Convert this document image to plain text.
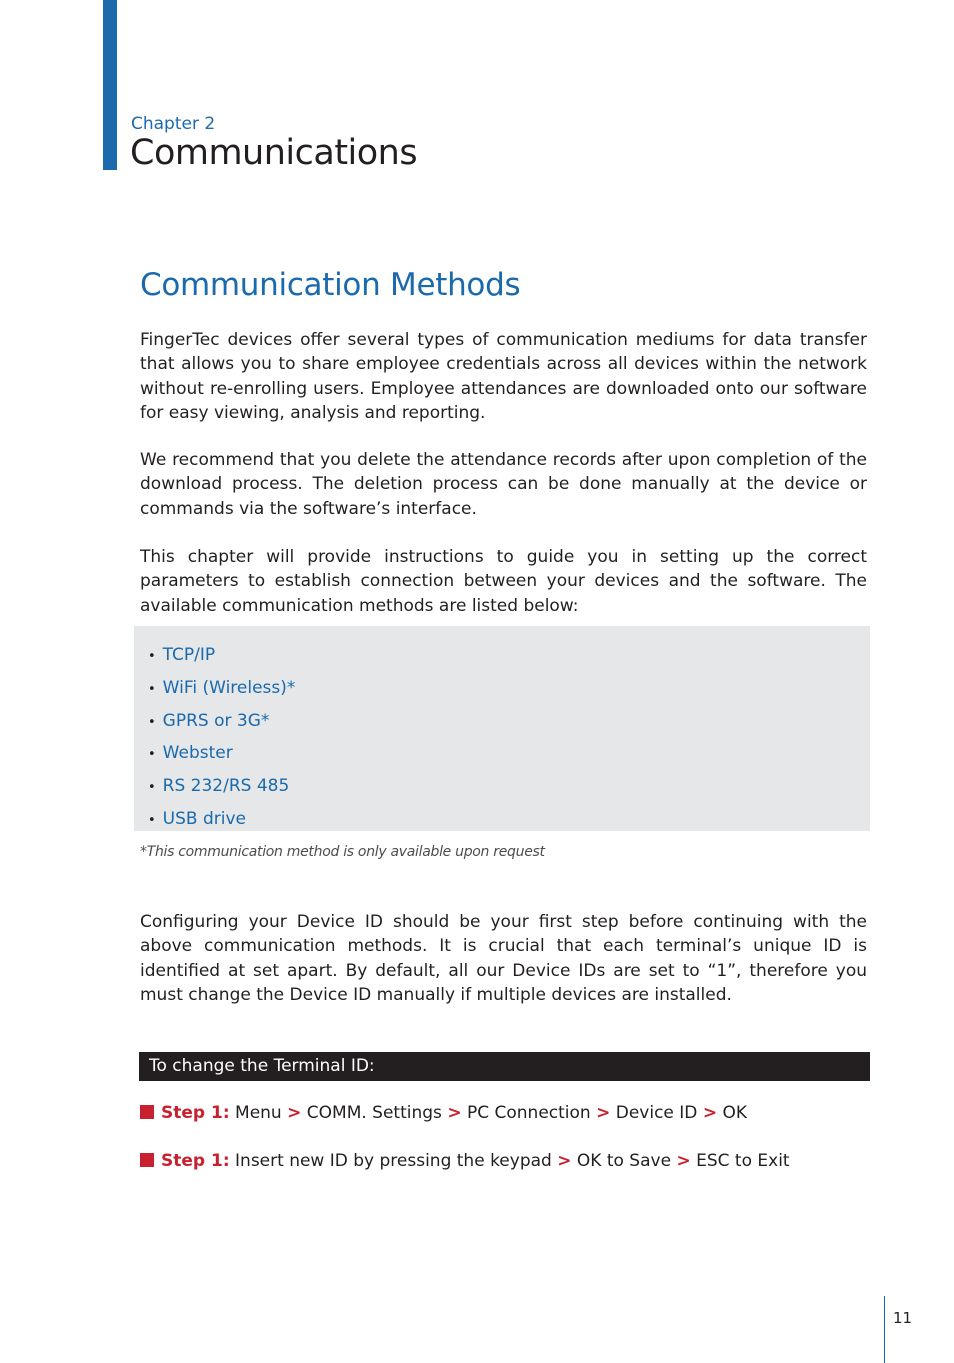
Chapter 2
Communications
Communication Methods

FingerTec devices offer several types of communication mediums for data transfer that allows you to share employee credentials across all devices within the network without re-enrolling users. Employee attendances are downloaded onto our software for easy viewing, analysis and reporting.

We recommend that you delete the attendance records after upon completion of the download process. The deletion process can be done manually at the device or commands via the software’s interface.

This chapter will provide instructions to guide you in setting up the correct parameters to establish connection between your devices and the software. The available communication methods are listed below:

• TCP/IP
• WiFi (Wireless)*
• GPRS or 3G*
• Webster
• RS 232/RS 485
• USB drive
*This communication method is only available upon request

Configuring your Device ID should be your first step before continuing with the above communication methods. It is crucial that each terminal’s unique ID is identified at set apart. By default, all our Device IDs are set to “1”, therefore you must change the Device ID manually if multiple devices are installed.

To change the Terminal ID:
Step 1: Menu > COMM. Settings > PC Connection > Device ID > OK
Step 1: Insert new ID by pressing the keypad > OK to Save > ESC to Exit
11
